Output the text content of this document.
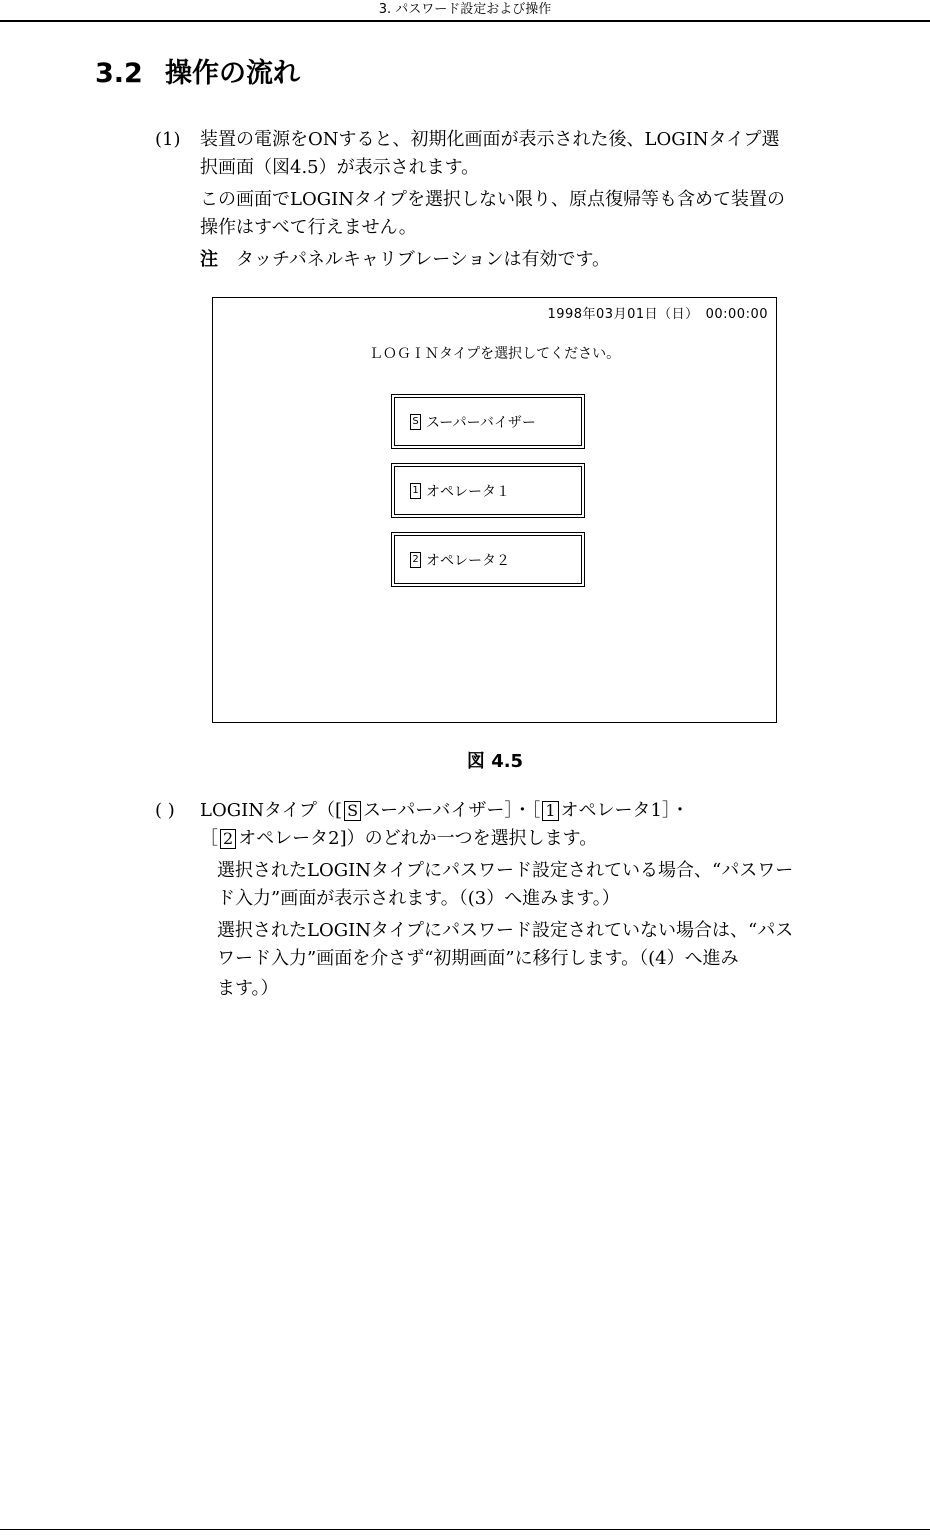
3. パスワード設定および操作
3.2 操作の流れ
(1) 装置の電源をONすると、初期化画面が表示された後、LOGINタイプ選
択画面（図4.5）が表示されます。
この画面でLOGINタイプを選択しない限り、原点復帰等も含めて装置の
操作はすべて行えません。
注 タッチパネルキャリブレーションは有効です。
1998年03月01日（日）　00:00:00
ＬＯＧＩＮタイプを選択してください。
S スーパーバイザー
1 オペレータ１
2 オペレータ２
図 4.5
( ) LOGINタイプ（[ S スーパーバイザー］・［ 1 オペレータ1］・
［ 2 オペレータ2]）のどれか一つを選択します。
選択されたLOGINタイプにパスワード設定されている場合、“パスワー
ド入力”画面が表示されます。（(3）へ進みます。）
選択されたLOGINタイプにパスワード設定されていない場合は、“パス
ワード入力”画面を介さず“初期画面”に移行します。（(4）へ進み
ます。）
